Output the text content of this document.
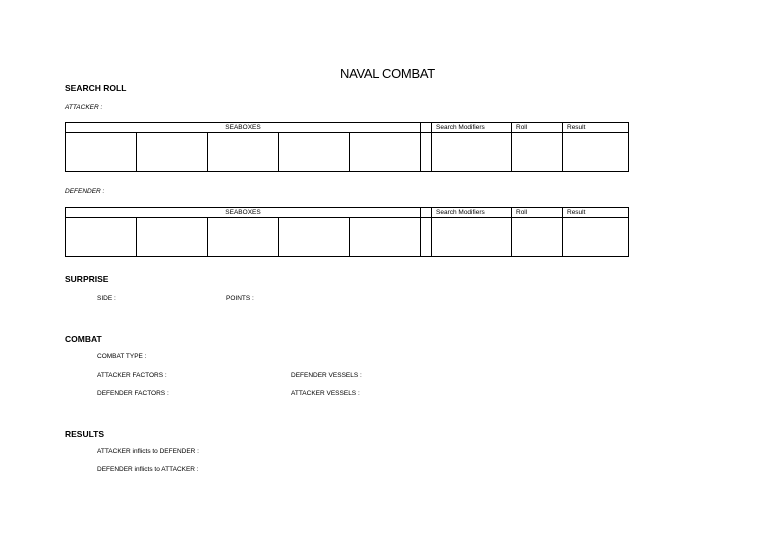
NAVAL COMBAT
SEARCH ROLL
ATTACKER :
SEABOXES						Search Modifiers	Roll	Result

DEFENDER :
SEABOXES						Search Modifiers	Roll	Result

SURPRISE
SIDE :	POINTS :
COMBAT
COMBAT TYPE :
ATTACKER FACTORS :	DEFENDER VESSELS :
DEFENDER FACTORS :	ATTACKER VESSELS :
RESULTS
ATTACKER inflicts to DEFENDER :
DEFENDER inflicts to ATTACKER :
